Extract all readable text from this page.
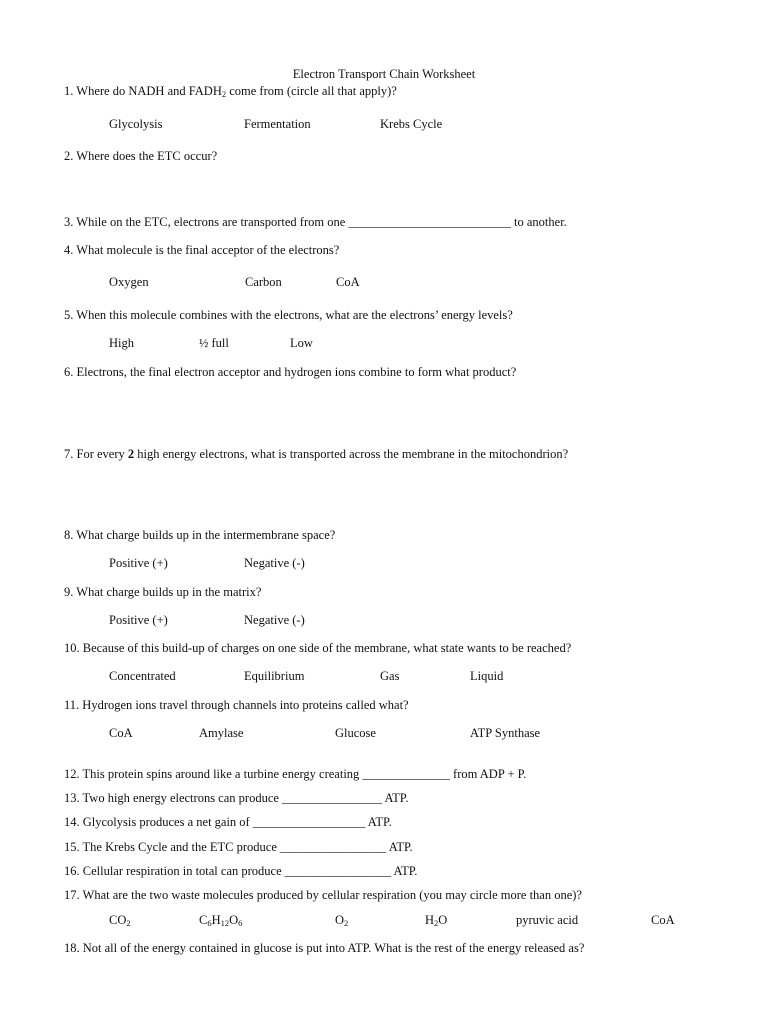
Electron Transport Chain Worksheet
1. Where do NADH and $FADH_2$ come from (circle all that apply)?
Glycolysis	Fermentation	Krebs Cycle
2. Where does the ETC occur?
3. While on the ETC, electrons are transported from one __________________________ to another.
4. What molecule is the final acceptor of the electrons?
Oxygen	Carbon	CoA
5. When this molecule combines with the electrons, what are the electrons’ energy levels?
High	½ full	Low
6. Electrons, the final electron acceptor and hydrogen ions combine to form what product?
7. For every 2 high energy electrons, what is transported across the membrane in the mitochondrion?
8. What charge builds up in the intermembrane space?
Positive (+)	Negative (-)
9. What charge builds up in the matrix?
Positive (+)	Negative (-)
10. Because of this build-up of charges on one side of the membrane, what state wants to be reached?
Concentrated	Equilibrium	Gas	Liquid
11. Hydrogen ions travel through channels into proteins called what?
CoA	Amylase	Glucose	ATP Synthase
12. This protein spins around like a turbine energy creating ______________ from ADP + P.
13. Two high energy electrons can produce ________________ ATP.
14. Glycolysis produces a net gain of __________________ ATP.
15. The Krebs Cycle and the ETC produce _________________ ATP.
16. Cellular respiration in total can produce _________________ ATP.
17. What are the two waste molecules produced by cellular respiration (you may circle more than one)?
$CO_2$	$C_6H_{12}O_6$	$O_2$	$H_2O$	pyruvic acid	CoA
18. Not all of the energy contained in glucose is put into ATP. What is the rest of the energy released as?
